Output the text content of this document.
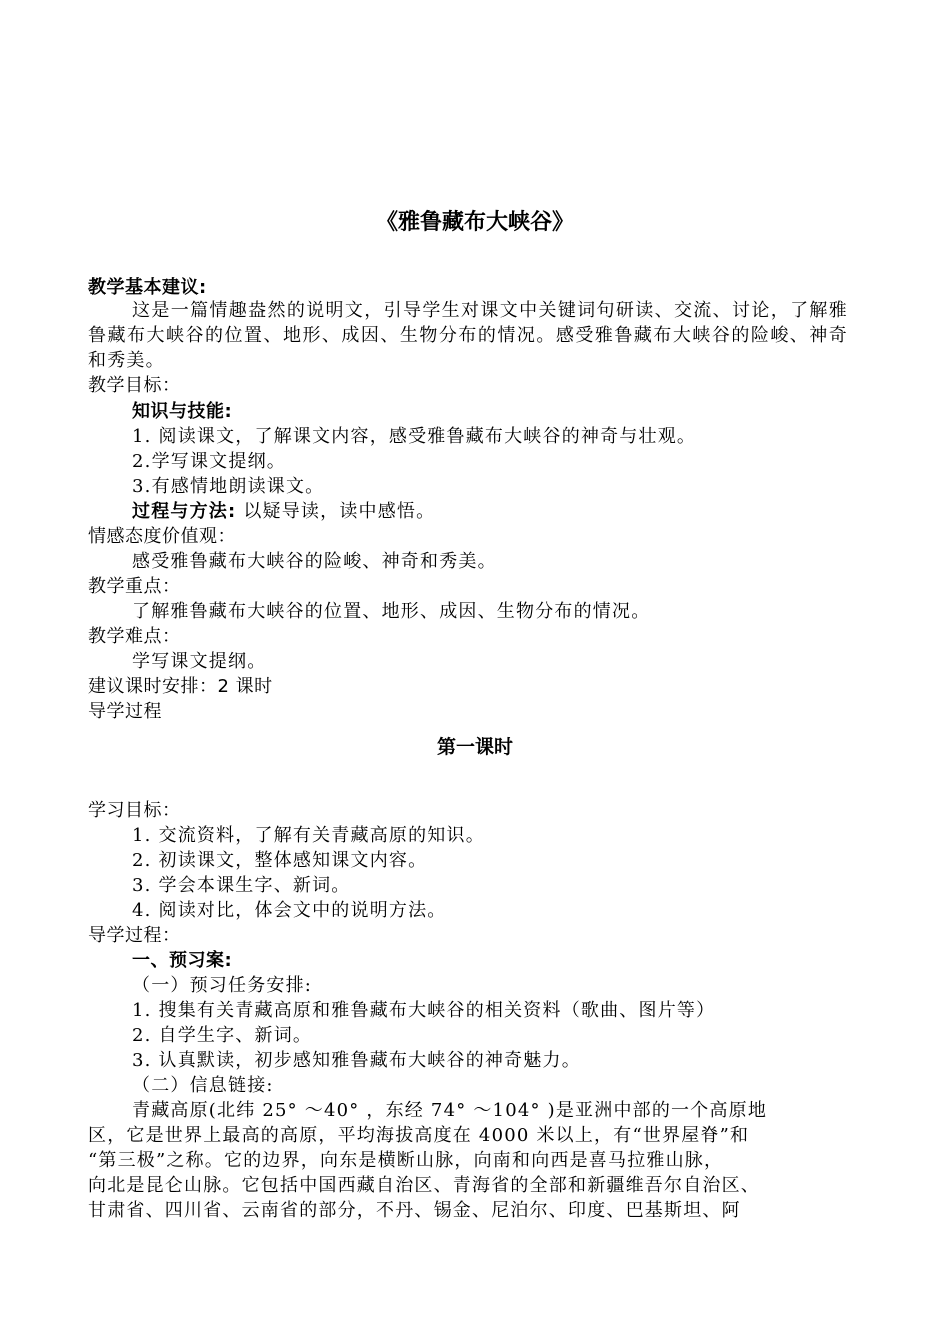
《雅鲁藏布大峡谷》
教学基本建议:
这是一篇情趣盎然的说明文，引导学生对课文中关键词句研读、交流、讨论，了解雅鲁藏布大峡谷的位置、地形、成因、生物分布的情况。感受雅鲁藏布大峡谷的险峻、神奇和秀美。
教学目标：
知识与技能:
1. 阅读课文，了解课文内容，感受雅鲁藏布大峡谷的神奇与壮观。
2.学写课文提纲。
3.有感情地朗读课文。
过程与方法: 以疑导读，读中感悟。
情感态度价值观：
感受雅鲁藏布大峡谷的险峻、神奇和秀美。
教学重点：
了解雅鲁藏布大峡谷的位置、地形、成因、生物分布的情况。
教学难点：
学写课文提纲。
建议课时安排：2 课时
导学过程
第一课时
学习目标：
1. 交流资料，了解有关青藏高原的知识。
2. 初读课文，整体感知课文内容。
3. 学会本课生字、新词。
4. 阅读对比，体会文中的说明方法。
导学过程：
一、预习案:
（一）预习任务安排:
1. 搜集有关青藏高原和雅鲁藏布大峡谷的相关资料（歌曲、图片等）
2. 自学生字、新词。
3. 认真默读，初步感知雅鲁藏布大峡谷的神奇魅力。
（二）信息链接:
青藏高原(北纬 25° ～40° ，东经 74° ～104° )是亚洲中部的一个高原地
区，它是世界上最高的高原，平均海拔高度在 4000 米以上，有“世界屋脊”和
“第三极”之称。它的边界，向东是横断山脉，向南和向西是喜马拉雅山脉，
向北是昆仑山脉。它包括中国西藏自治区、青海省的全部和新疆维吾尔自治区、
甘肃省、四川省、云南省的部分，不丹、锡金、尼泊尔、印度、巴基斯坦、阿
